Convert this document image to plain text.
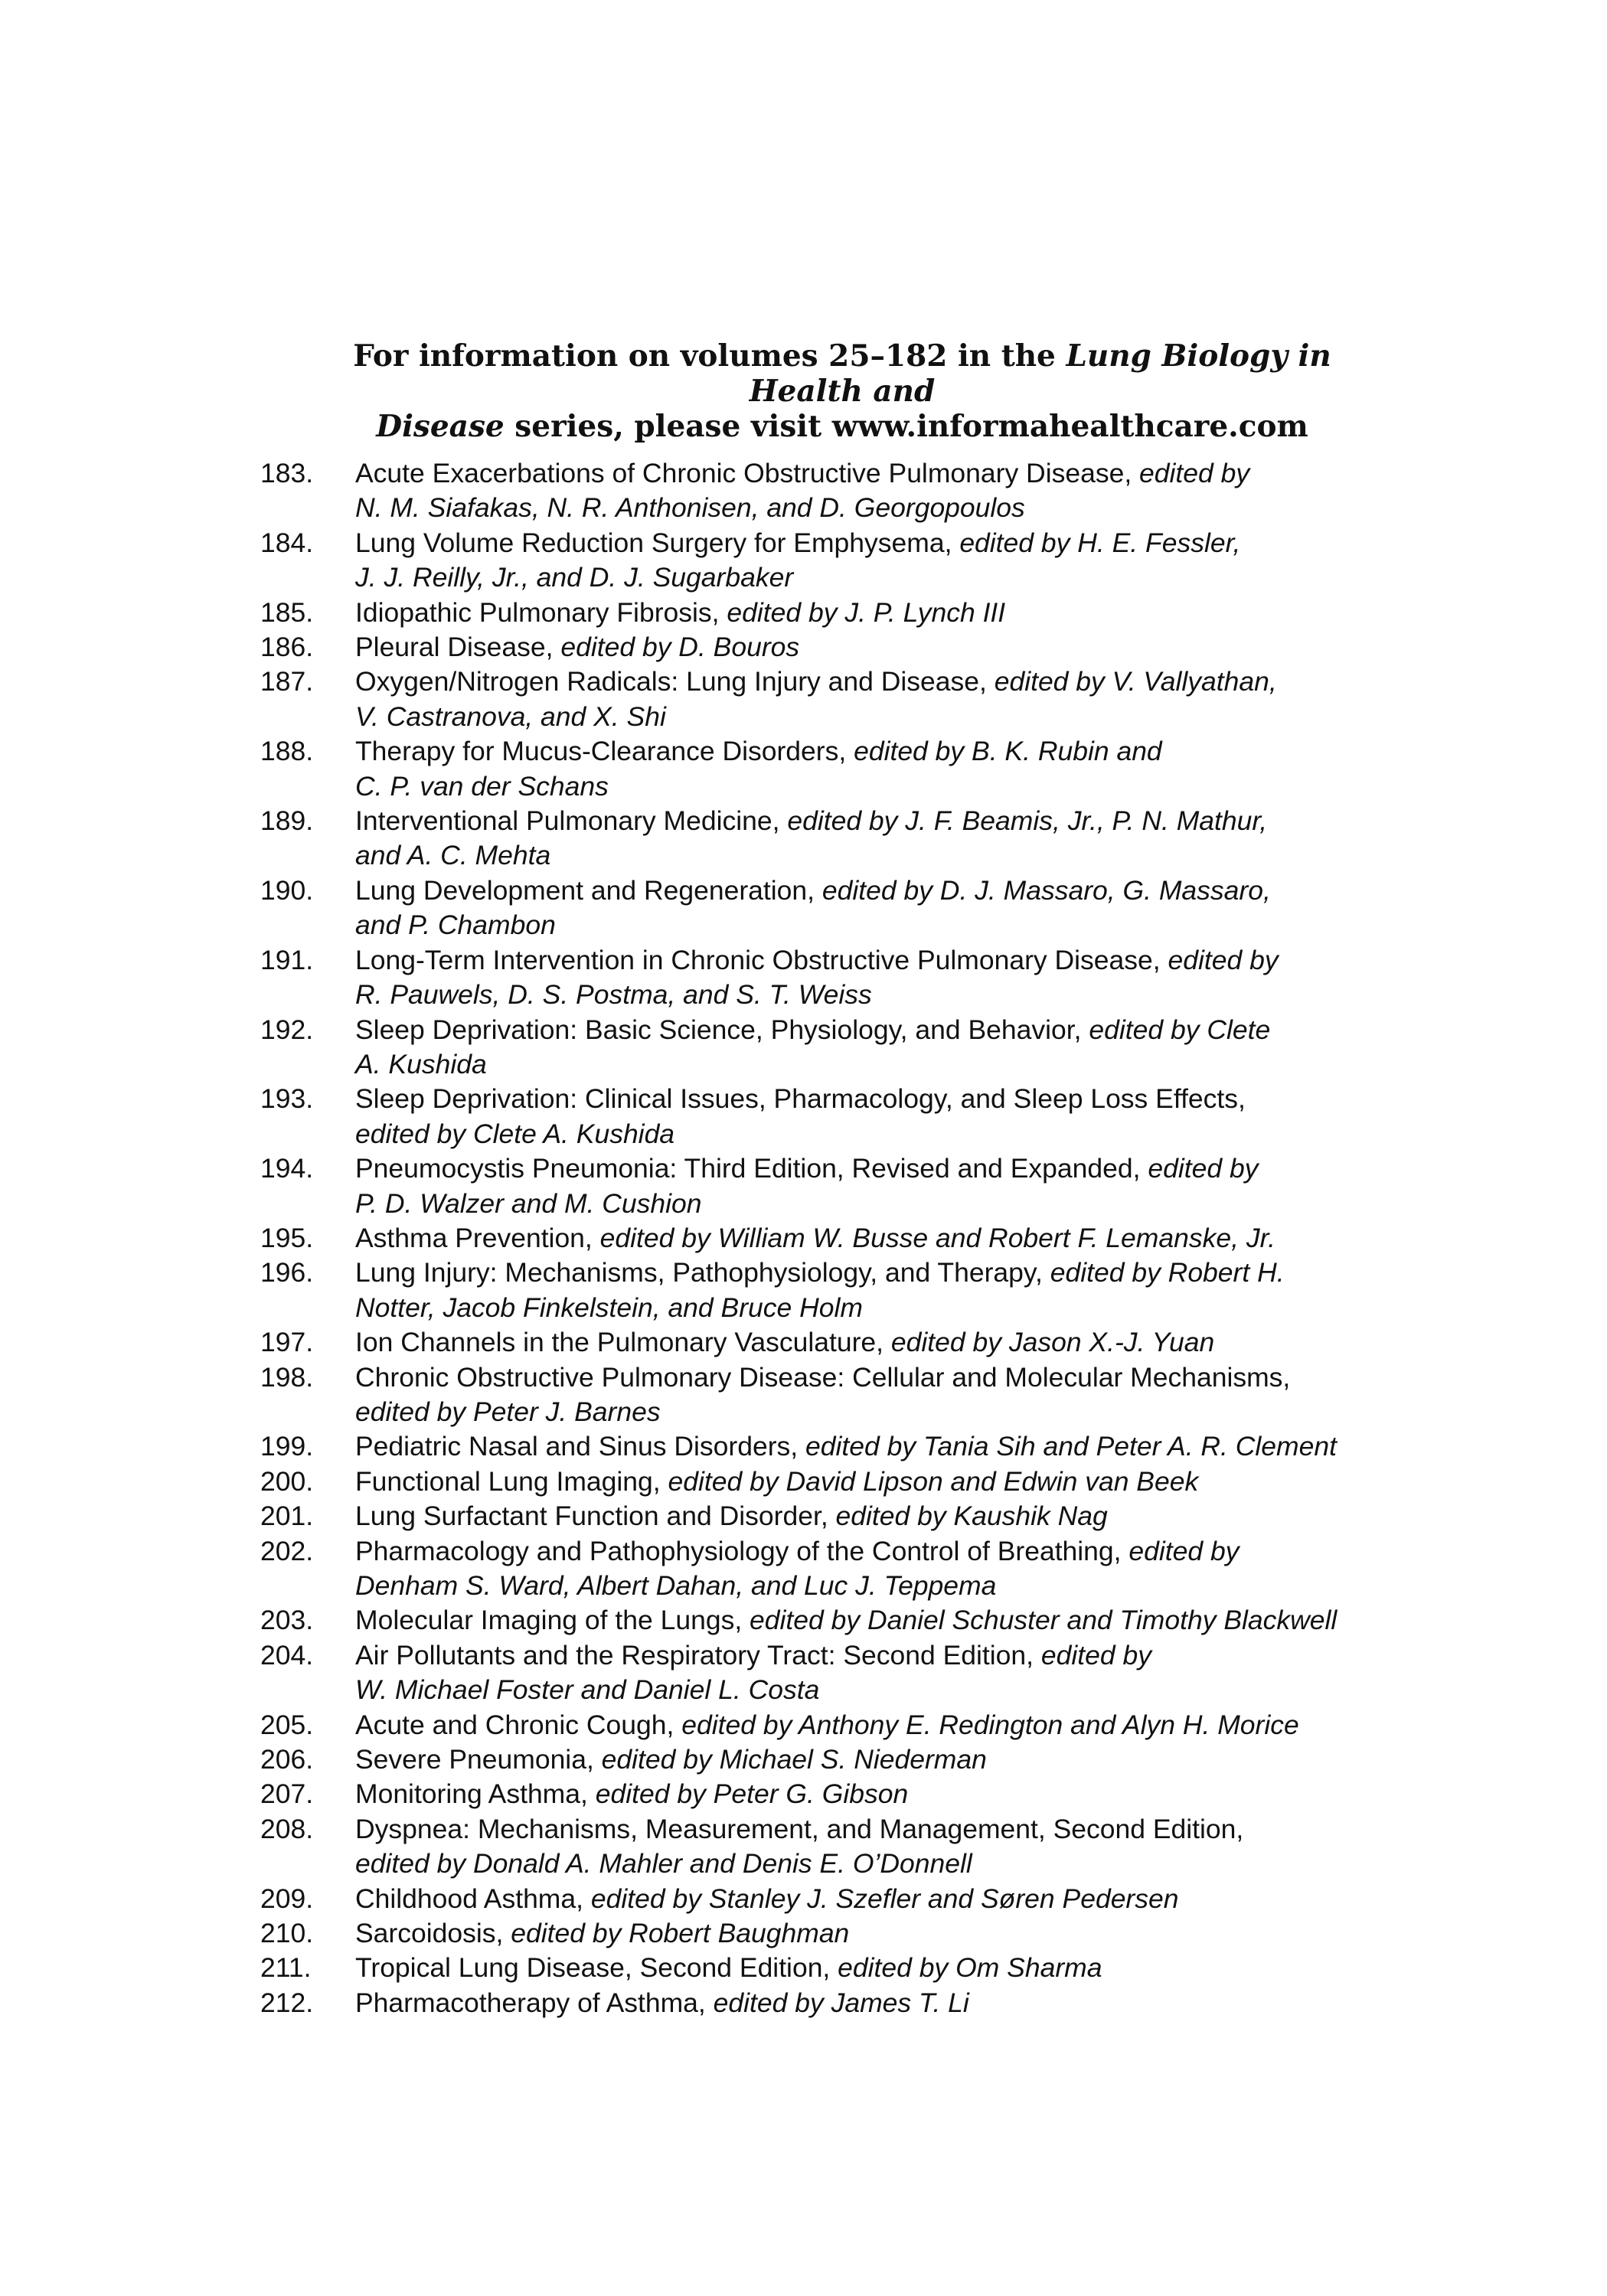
For information on volumes 25–182 in the Lung Biology in Health and
Disease series, please visit www.informahealthcare.com
183.	Acute Exacerbations of Chronic Obstructive Pulmonary Disease, edited by
N. M. Siafakas, N. R. Anthonisen, and D. Georgopoulos
184.	Lung Volume Reduction Surgery for Emphysema, edited by H. E. Fessler,
J. J. Reilly, Jr., and D. J. Sugarbaker
185.	Idiopathic Pulmonary Fibrosis, edited by J. P. Lynch III
186.	Pleural Disease, edited by D. Bouros
187.	Oxygen/Nitrogen Radicals: Lung Injury and Disease, edited by V. Vallyathan,
V. Castranova, and X. Shi
188.	Therapy for Mucus-Clearance Disorders, edited by B. K. Rubin and
C. P. van der Schans
189.	Interventional Pulmonary Medicine, edited by J. F. Beamis, Jr., P. N. Mathur,
and A. C. Mehta
190.	Lung Development and Regeneration, edited by D. J. Massaro, G. Massaro,
and P. Chambon
191.	Long-Term Intervention in Chronic Obstructive Pulmonary Disease, edited by
R. Pauwels, D. S. Postma, and S. T. Weiss
192.	Sleep Deprivation: Basic Science, Physiology, and Behavior, edited by Clete
A. Kushida
193.	Sleep Deprivation: Clinical Issues, Pharmacology, and Sleep Loss Effects,
edited by Clete A. Kushida
194.	Pneumocystis Pneumonia: Third Edition, Revised and Expanded, edited by
P. D. Walzer and M. Cushion
195.	Asthma Prevention, edited by William W. Busse and Robert F. Lemanske, Jr.
196.	Lung Injury: Mechanisms, Pathophysiology, and Therapy, edited by Robert H.
Notter, Jacob Finkelstein, and Bruce Holm
197.	Ion Channels in the Pulmonary Vasculature, edited by Jason X.-J. Yuan
198.	Chronic Obstructive Pulmonary Disease: Cellular and Molecular Mechanisms,
edited by Peter J. Barnes
199.	Pediatric Nasal and Sinus Disorders, edited by Tania Sih and Peter A. R. Clement
200.	Functional Lung Imaging, edited by David Lipson and Edwin van Beek
201.	Lung Surfactant Function and Disorder, edited by Kaushik Nag
202.	Pharmacology and Pathophysiology of the Control of Breathing, edited by
Denham S. Ward, Albert Dahan, and Luc J. Teppema
203.	Molecular Imaging of the Lungs, edited by Daniel Schuster and Timothy Blackwell
204.	Air Pollutants and the Respiratory Tract: Second Edition, edited by
W. Michael Foster and Daniel L. Costa
205.	Acute and Chronic Cough, edited by Anthony E. Redington and Alyn H. Morice
206.	Severe Pneumonia, edited by Michael S. Niederman
207.	Monitoring Asthma, edited by Peter G. Gibson
208.	Dyspnea: Mechanisms, Measurement, and Management, Second Edition,
edited by Donald A. Mahler and Denis E. O’Donnell
209.	Childhood Asthma, edited by Stanley J. Szefler and Søren Pedersen
210.	Sarcoidosis, edited by Robert Baughman
211.	Tropical Lung Disease, Second Edition, edited by Om Sharma
212.	Pharmacotherapy of Asthma, edited by James T. Li
